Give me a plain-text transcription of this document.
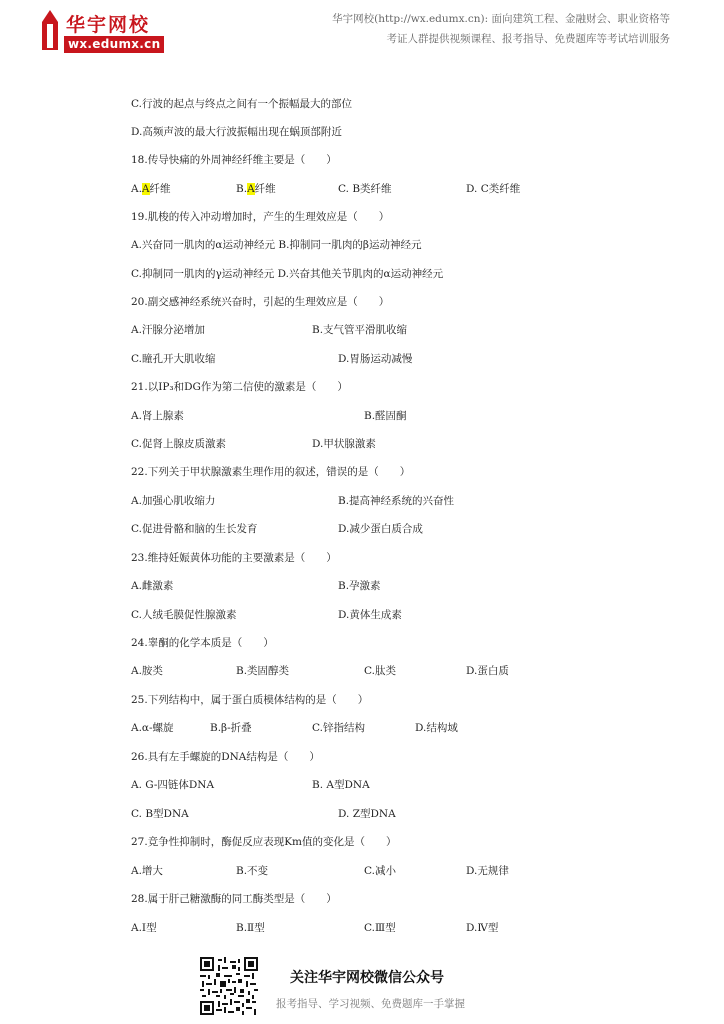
华宇网校
wx.edumx.cn
华宇网校(http://wx.edumx.cn): 面向建筑工程、金融财会、职业资格等
考证人群提供视频课程、报考指导、免费题库等考试培训服务
C.行波的起点与终点之间有一个振幅最大的部位
D.高频声波的最大行波振幅出现在蜗顶部附近
18.传导快痛的外周神经纤维主要是（　　）
A.A纤维	B.A纤维	C. B类纤维	D. C类纤维
19.肌梭的传入冲动增加时，产生的生理效应是（　　）
A.兴奋同一肌肉的α运动神经元 B.抑制同一肌肉的β运动神经元
C.抑制同一肌肉的γ运动神经元 D.兴奋其他关节肌肉的α运动神经元
20.副交感神经系统兴奋时，引起的生理效应是（　　）
A.汗腺分泌增加	B.支气管平滑肌收缩
C.瞳孔开大肌收缩	D.胃肠运动减慢
21.以IP₃和DG作为第二信使的激素是（　　）
A.肾上腺素	B.醛固酮
C.促肾上腺皮质激素	D.甲状腺激素
22.下列关于甲状腺激素生理作用的叙述，错误的是（　　）
A.加强心肌收缩力	B.提高神经系统的兴奋性
C.促进骨骼和脑的生长发育	D.减少蛋白质合成
23.维持妊娠黄体功能的主要激素是（　　）
A.雌激素	B.孕激素
C.人绒毛膜促性腺激素	D.黄体生成素
24.睾酮的化学本质是（　　）
A.胺类	B.类固醇类	C.肽类	D.蛋白质
25.下列结构中，属于蛋白质模体结构的是（　　）
A.α-螺旋	B.β-折叠	C.锌指结构	D.结构域
26.具有左手螺旋的DNA结构是（　　）
A. G-四链体DNA	B. A型DNA
C. B型DNA	D. Z型DNA
27.竞争性抑制时，酶促反应表现Km值的变化是（　　）
A.增大	B.不变	C.减小	D.无规律
28.属于肝己糖激酶的同工酶类型是（　　）
A.Ⅰ型	B.Ⅱ型	C.Ⅲ型	D.Ⅳ型
关注华宇网校微信公众号
报考指导、学习视频、免费题库一手掌握
